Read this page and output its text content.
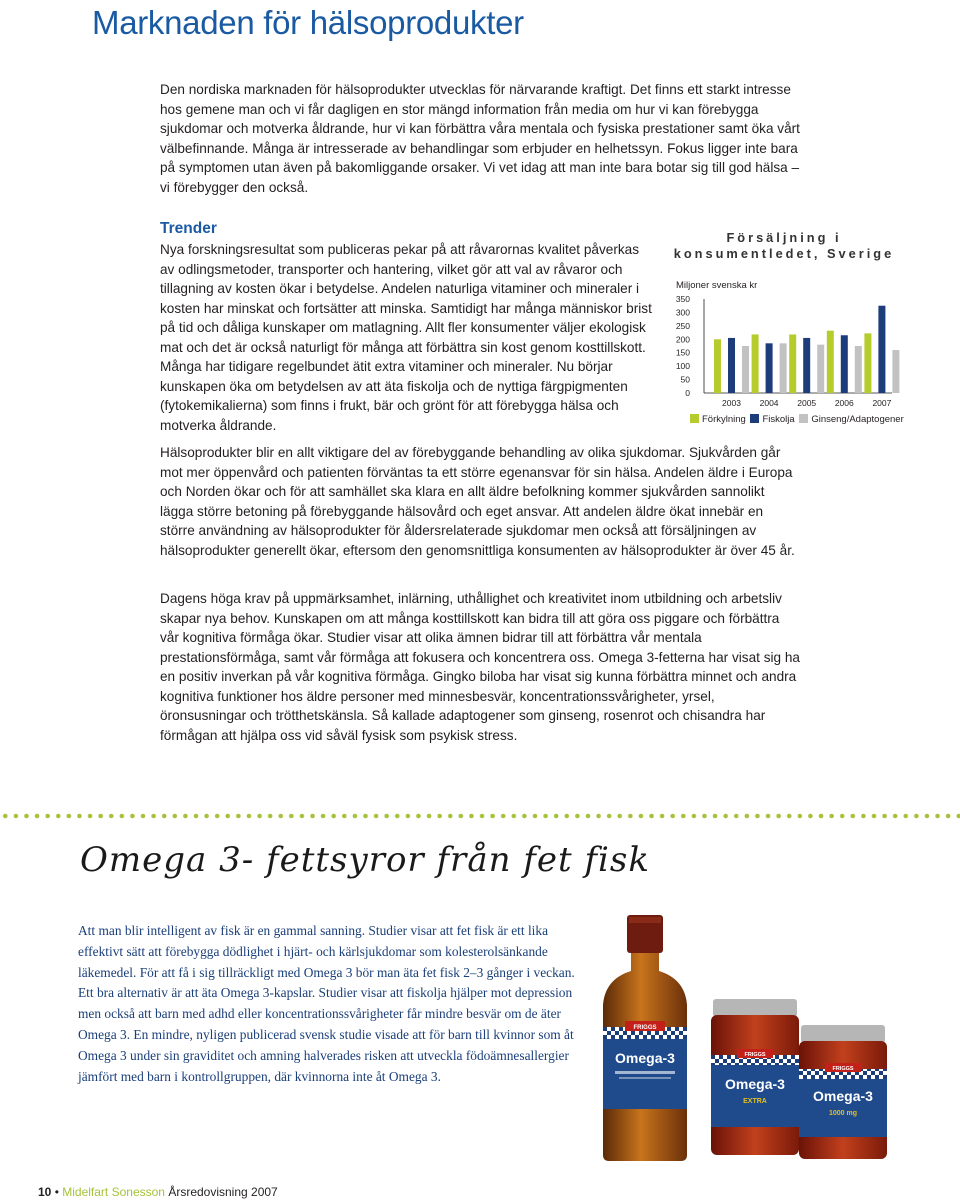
Marknaden för hälsoprodukter

Den nordiska marknaden för hälsoprodukter utvecklas för närvarande kraftigt. Det finns ett starkt intresse hos gemene man och vi får dagligen en stor mängd information från media om hur vi kan förebygga sjukdomar och motverka åldrande, hur vi kan förbättra våra mentala och fysiska prestationer samt öka vårt välbefinnande. Många är intresserade av behandlingar som erbjuder en helhetssyn. Fokus ligger inte bara på symptomen utan även på bakomliggande orsaker. Vi vet idag att man inte bara botar sig till god hälsa – vi förebygger den också.

Trender

Nya forskningsresultat som publiceras pekar på att råvarornas kvalitet påverkas av odlingsmetoder, transporter och hantering, vilket gör att val av råvaror och tillagning av kosten ökar i betydelse. Andelen naturliga vitaminer och mineraler i kosten har minskat och fortsätter att minska. Samtidigt har många människor brist på tid och dåliga kunskaper om matlagning. Allt fler konsumenter väljer ekologisk mat och det är också naturligt för många att förbättra sin kost genom kosttillskott. Många har tidigare regelbundet ätit extra vitaminer och mineraler. Nu börjar kunskapen öka om betydelsen av att äta fiskolja och de nyttiga färgpigmenten (fytokemikalierna) som finns i frukt, bär och grönt för att förebygga hälsa och motverka åldrande.

Försäljning i konsumentledet, Sverige
Miljoner svenska kr
0
50
100
150
200
250
300
350
2003 2004 2005 2006 2007
Förkylning Fiskolja Ginseng/Adaptogener

Hälsoprodukter blir en allt viktigare del av förebyggande behandling av olika sjukdomar. Sjukvården går mot mer öppenvård och patienten förväntas ta ett större egenansvar för sin hälsa. Andelen äldre i Europa och Norden ökar och för att samhället ska klara en allt äldre befolkning kommer sjukvården sannolikt lägga större betoning på förebyggande hälsovård och eget ansvar. Att andelen äldre ökat innebär en större användning av hälsoprodukter för åldersrelaterade sjukdomar men också att försäljningen av hälsoprodukter generellt ökar, eftersom den genomsnittliga konsumenten av hälsoprodukter är över 45 år.

Dagens höga krav på uppmärksamhet, inlärning, uthållighet och kreativitet inom utbildning och arbetsliv skapar nya behov. Kunskapen om att många kosttillskott kan bidra till att göra oss piggare och förbättra vår kognitiva förmåga ökar. Studier visar att olika ämnen bidrar till att förbättra vår mentala prestationsförmåga, samt vår förmåga att fokusera och koncentrera oss. Omega 3-fetterna har visat sig ha en positiv inverkan på vår kognitiva förmåga. Gingko biloba har visat sig kunna förbättra minnet och andra kognitiva funktioner hos äldre personer med minnesbesvär, koncentrationssvårigheter, yrsel, öronsusningar och trötthetskänsla. Så kallade adaptogener som ginseng, rosenrot och chisandra har förmågan att hjälpa oss vid såväl fysisk som psykisk stress.

Omega 3- fettsyror från fet fisk

Att man blir intelligent av fisk är en gammal sanning. Studier visar att fet fisk är ett lika effektivt sätt att förebygga dödlighet i hjärt- och kärlsjukdomar som kolesterolsänkande läkemedel. För att få i sig tillräckligt med Omega 3 bör man äta fet fisk 2–3 gånger i veckan. Ett bra alternativ är att äta Omega 3-kapslar. Studier visar att fiskolja hjälper mot depression men också att barn med adhd eller koncentrationssvårigheter får mindre besvär om de äter Omega 3. En mindre, nyligen publicerad svensk studie visade att för barn till kvinnor som åt Omega 3 under sin graviditet och amning halverades risken att utveckla födoämnesallergier jämfört med barn i kontrollgruppen, där kvinnorna inte åt Omega 3.

FRIGGS
Omega-3	FRIGGS
Omega-3
EXTRA
FRIGGS
Omega-3
1000 mg
10 • Midelfart Sonesson Årsredovisning 2007
